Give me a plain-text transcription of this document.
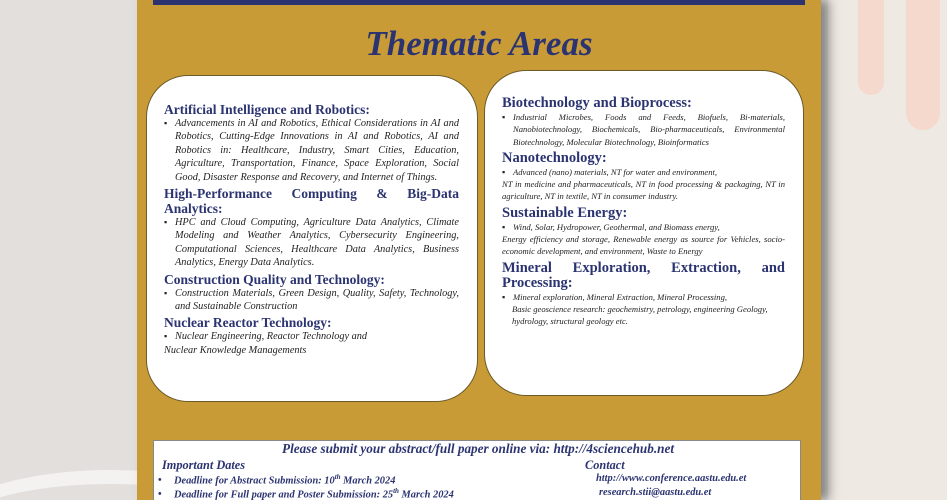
Thematic Areas
Artificial Intelligence and Robotics:
▪ Advancements in AI and Robotics, Ethical Considerations in AI and Robotics, Cutting-Edge Innovations in AI and Robotics, AI and Robotics in: Healthcare, Industry, Smart Cities, Education, Agriculture, Transportation, Finance, Space Exploration, Social Good, Disaster Response and Recovery, and Internet of Things.
High-Performance Computing & Big-Data Analytics:
▪ HPC and Cloud Computing, Agriculture Data Analytics, Climate Modeling and Weather Analytics, Cybersecurity Engineering, Computational Sciences, Healthcare Data Analytics, Business Analytics, Energy Data Analytics.
Construction Quality and Technology:
▪ Construction Materials, Green Design, Quality, Safety, Technology, and Sustainable Construction
Nuclear Reactor Technology:
▪ Nuclear Engineering, Reactor Technology and
Nuclear Knowledge Managements
Biotechnology and Bioprocess:
▪ Industrial Microbes, Foods and Feeds, Biofuels, Bi-materials, Nanobiotechnology, Biochemicals, Bio-pharmaceuticals, Environmental Biotechnology, Molecular Biotechnology, Bioinformatics
Nanotechnology:
▪ Advanced (nano) materials, NT for water and environment,
NT in medicine and pharmaceuticals, NT in food processing & packaging, NT in agriculture, NT in textile, NT in consumer industry.
Sustainable Energy:
▪ Wind, Solar, Hydropower, Geothermal, and Biomass energy,
Energy efficiency and storage, Renewable energy as source for Vehicles, socio-economic development, and environment, Waste to Energy
Mineral Exploration, Extraction, and Processing:
▪ Mineral exploration, Mineral Extraction, Mineral Processing,
Basic geoscience research: geochemistry, petrology, engineering Geology, hydrology, structural geology etc.
Please submit your abstract/full paper online via: http://4sciencehub.net
Important Dates	Contact
• Deadline for Abstract Submission: 10th March 2024
• Deadline for Full paper and Poster Submission: 25th March 2024
http://www.conference.aastu.edu.et
research.stii@aastu.edu.et
